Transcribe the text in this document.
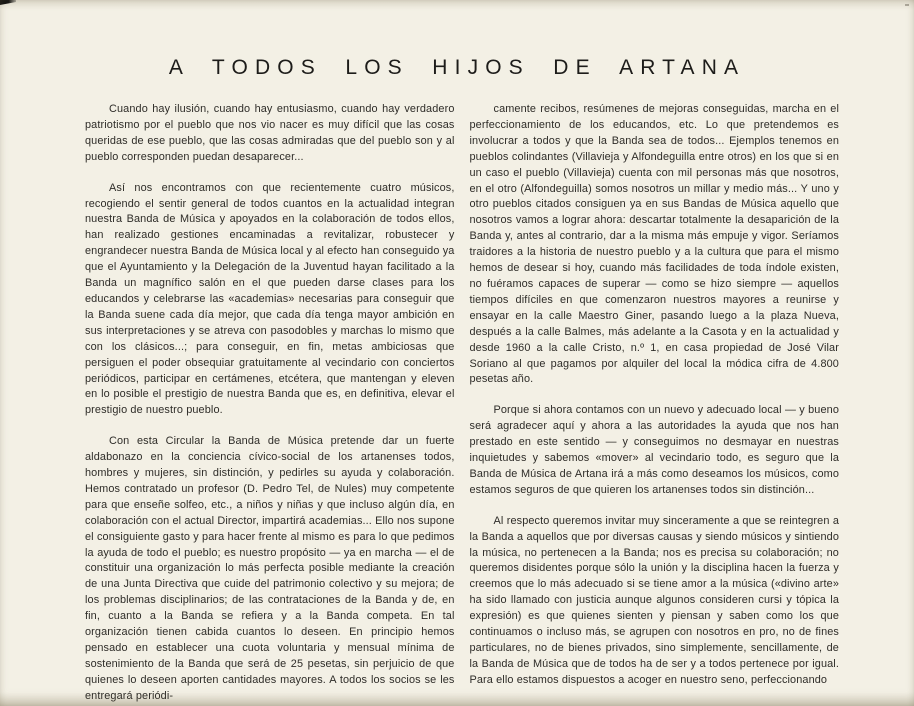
A TODOS LOS HIJOS DE ARTANA

Cuando hay ilusión, cuando hay entusiasmo, cuando hay verdadero patriotismo por el pueblo que nos vio nacer es muy difícil que las cosas queridas de ese pueblo, que las cosas admiradas que del pueblo son y al pueblo corresponden puedan desaparecer...

Así nos encontramos con que recientemente cuatro músicos, recogiendo el sentir general de todos cuantos en la actualidad integran nuestra Banda de Música y apoyados en la colaboración de todos ellos, han realizado gestiones encaminadas a revitalizar, robustecer y engrandecer nuestra Banda de Música local y al efecto han conseguido ya que el Ayuntamiento y la Delegación de la Juventud hayan facilitado a la Banda un magnífico salón en el que pueden darse clases para los educandos y celebrarse las «academias» necesarias para conseguir que la Banda suene cada día mejor, que cada día tenga mayor ambición en sus interpretaciones y se atreva con pasodobles y marchas lo mismo que con los clásicos...; para conseguir, en fin, metas ambiciosas que persiguen el poder obsequiar gratuitamente al vecindario con conciertos periódicos, participar en certámenes, etcétera, que mantengan y eleven en lo posible el prestigio de nuestra Banda que es, en definitiva, elevar el prestigio de nuestro pueblo.

Con esta Circular la Banda de Música pretende dar un fuerte aldabonazo en la conciencia cívico-social de los artanenses todos, hombres y mujeres, sin distinción, y pedirles su ayuda y colaboración. Hemos contratado un profesor (D. Pedro Tel, de Nules) muy competente para que enseñe solfeo, etc., a niños y niñas y que incluso algún día, en colaboración con el actual Director, impartirá academias... Ello nos supone el consiguiente gasto y para hacer frente al mismo es para lo que pedimos la ayuda de todo el pueblo; es nuestro propósito — ya en marcha — el de constituir una organización lo más perfecta posible mediante la creación de una Junta Directiva que cuide del patrimonio colectivo y su mejora; de los problemas disciplinarios; de las contrataciones de la Banda y de, en fin, cuanto a la Banda se refiera y a la Banda competa. En tal organización tienen cabida cuantos lo deseen. En principio hemos pensado en establecer una cuota voluntaria y mensual mínima de sostenimiento de la Banda que será de 25 pesetas, sin perjuicio de que quienes lo deseen aporten cantidades mayores. A todos los socios se les entregará periódi-

camente recibos, resúmenes de mejoras conseguidas, marcha en el perfeccionamiento de los educandos, etc. Lo que pretendemos es involucrar a todos y que la Banda sea de todos... Ejemplos tenemos en pueblos colindantes (Villavieja y Alfondeguilla entre otros) en los que si en un caso el pueblo (Villavieja) cuenta con mil personas más que nosotros, en el otro (Alfondeguilla) somos nosotros un millar y medio más... Y uno y otro pueblos citados consiguen ya en sus Bandas de Música aquello que nosotros vamos a lograr ahora: descartar totalmente la desaparición de la Banda y, antes al contrario, dar a la misma más empuje y vigor. Seríamos traidores a la historia de nuestro pueblo y a la cultura que para el mismo hemos de desear si hoy, cuando más facilidades de toda índole existen, no fuéramos capaces de superar — como se hizo siempre — aquellos tiempos difíciles en que comenzaron nuestros mayores a reunirse y ensayar en la calle Maestro Giner, pasando luego a la plaza Nueva, después a la calle Balmes, más adelante a la Casota y en la actualidad y desde 1960 a la calle Cristo, n.º 1, en casa propiedad de José Vilar Soriano al que pagamos por alquiler del local la módica cifra de 4.800 pesetas año.

Porque si ahora contamos con un nuevo y adecuado local — y bueno será agradecer aquí y ahora a las autoridades la ayuda que nos han prestado en este sentido — y conseguimos no desmayar en nuestras inquietudes y sabemos «mover» al vecindario todo, es seguro que la Banda de Música de Artana irá a más como deseamos los músicos, como estamos seguros de que quieren los artanenses todos sin distinción...

Al respecto queremos invitar muy sinceramente a que se reintegren a la Banda a aquellos que por diversas causas y siendo músicos y sintiendo la música, no pertenecen a la Banda; nos es precisa su colaboración; no queremos disidentes porque sólo la unión y la disciplina hacen la fuerza y creemos que lo más adecuado si se tiene amor a la música («divino arte» ha sido llamado con justicia aunque algunos consideren cursi y tópica la expresión) es que quienes sienten y piensan y saben como los que continuamos o incluso más, se agrupen con nosotros en pro, no de fines particulares, no de bienes privados, sino simplemente, sencillamente, de la Banda de Música que de todos ha de ser y a todos pertenece por igual. Para ello estamos dispuestos a acoger en nuestro seno, perfeccionando
